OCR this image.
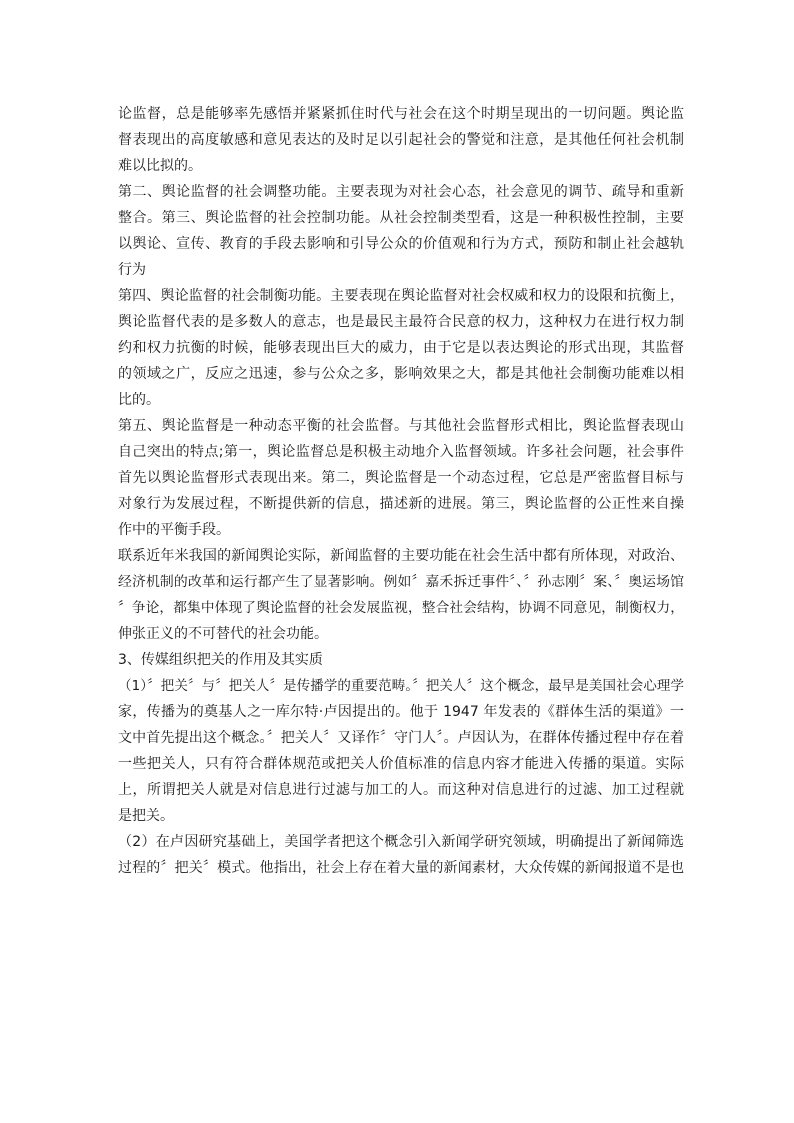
论监督，总是能够率先感悟并紧紧抓住时代与社会在这个时期呈现出的一切问题。舆论监
督表现出的高度敏感和意见表达的及时足以引起社会的警觉和注意，是其他任何社会机制
难以比拟的。
第二、舆论监督的社会调整功能。主要表现为对社会心态，社会意见的调节、疏导和重新
整合。第三、舆论监督的社会控制功能。从社会控制类型看，这是一种积极性控制，主要
以舆论、宣传、教育的手段去影响和引导公众的价值观和行为方式，预防和制止社会越轨
行为
第四、舆论监督的社会制衡功能。主要表现在舆论监督对社会权威和权力的设限和抗衡上，
舆论监督代表的是多数人的意志，也是最民主最符合民意的权力，这种权力在进行权力制
约和权力抗衡的时候，能够表现出巨大的威力，由于它是以表达舆论的形式出现，其监督
的领域之广，反应之迅速，参与公众之多，影响效果之大，都是其他社会制衡功能难以相
比的。
第五、舆论监督是一种动态平衡的社会监督。与其他社会监督形式相比，舆论监督表现山
自己突出的特点;第一，舆论监督总是积极主动地介入监督领域。许多社会问题，社会事件
首先以舆论监督形式表现出来。第二，舆论监督是一个动态过程，它总是严密监督目标与
对象行为发展过程，不断提供新的信息，描述新的进展。第三，舆论监督的公正性来自操
作中的平衡手段。
联系近年米我国的新闻舆论实际，新闻监督的主要功能在社会生活中都有所体现，对政治、
经济机制的改革和运行都产生了显著影响。例如〞嘉禾拆迁事件〞、〞孙志刚〞案、〞奥运场馆
〞争论，都集中体现了舆论监督的社会发展监视，整合社会结构，协调不同意见，制衡权力，
伸张正义的不可替代的社会功能。
3、传媒组织把关的作用及其实质
（1）〞把关〞与〞把关人〞是传播学的重要范畴。〞把关人〞这个概念，最早是美国社会心理学
家，传播为的奠基人之一库尔特·卢因提出的。他于 1947 年发表的《群体生活的渠道》一
文中首先提出这个概念。〞把关人〞又译作〞守门人〞。卢因认为，在群体传播过程中存在着
一些把关人，只有符合群体规范或把关人价值标准的信息内容才能进入传播的渠道。实际
上，所谓把关人就是对信息进行过滤与加工的人。而这种对信息进行的过滤、加工过程就
是把关。
（2）在卢因研究基础上，美国学者把这个概念引入新闻学研究领域，明确提出了新闻筛选
过程的〞把关〞模式。他指出，社会上存在着大量的新闻素材，大众传媒的新闻报道不是也
